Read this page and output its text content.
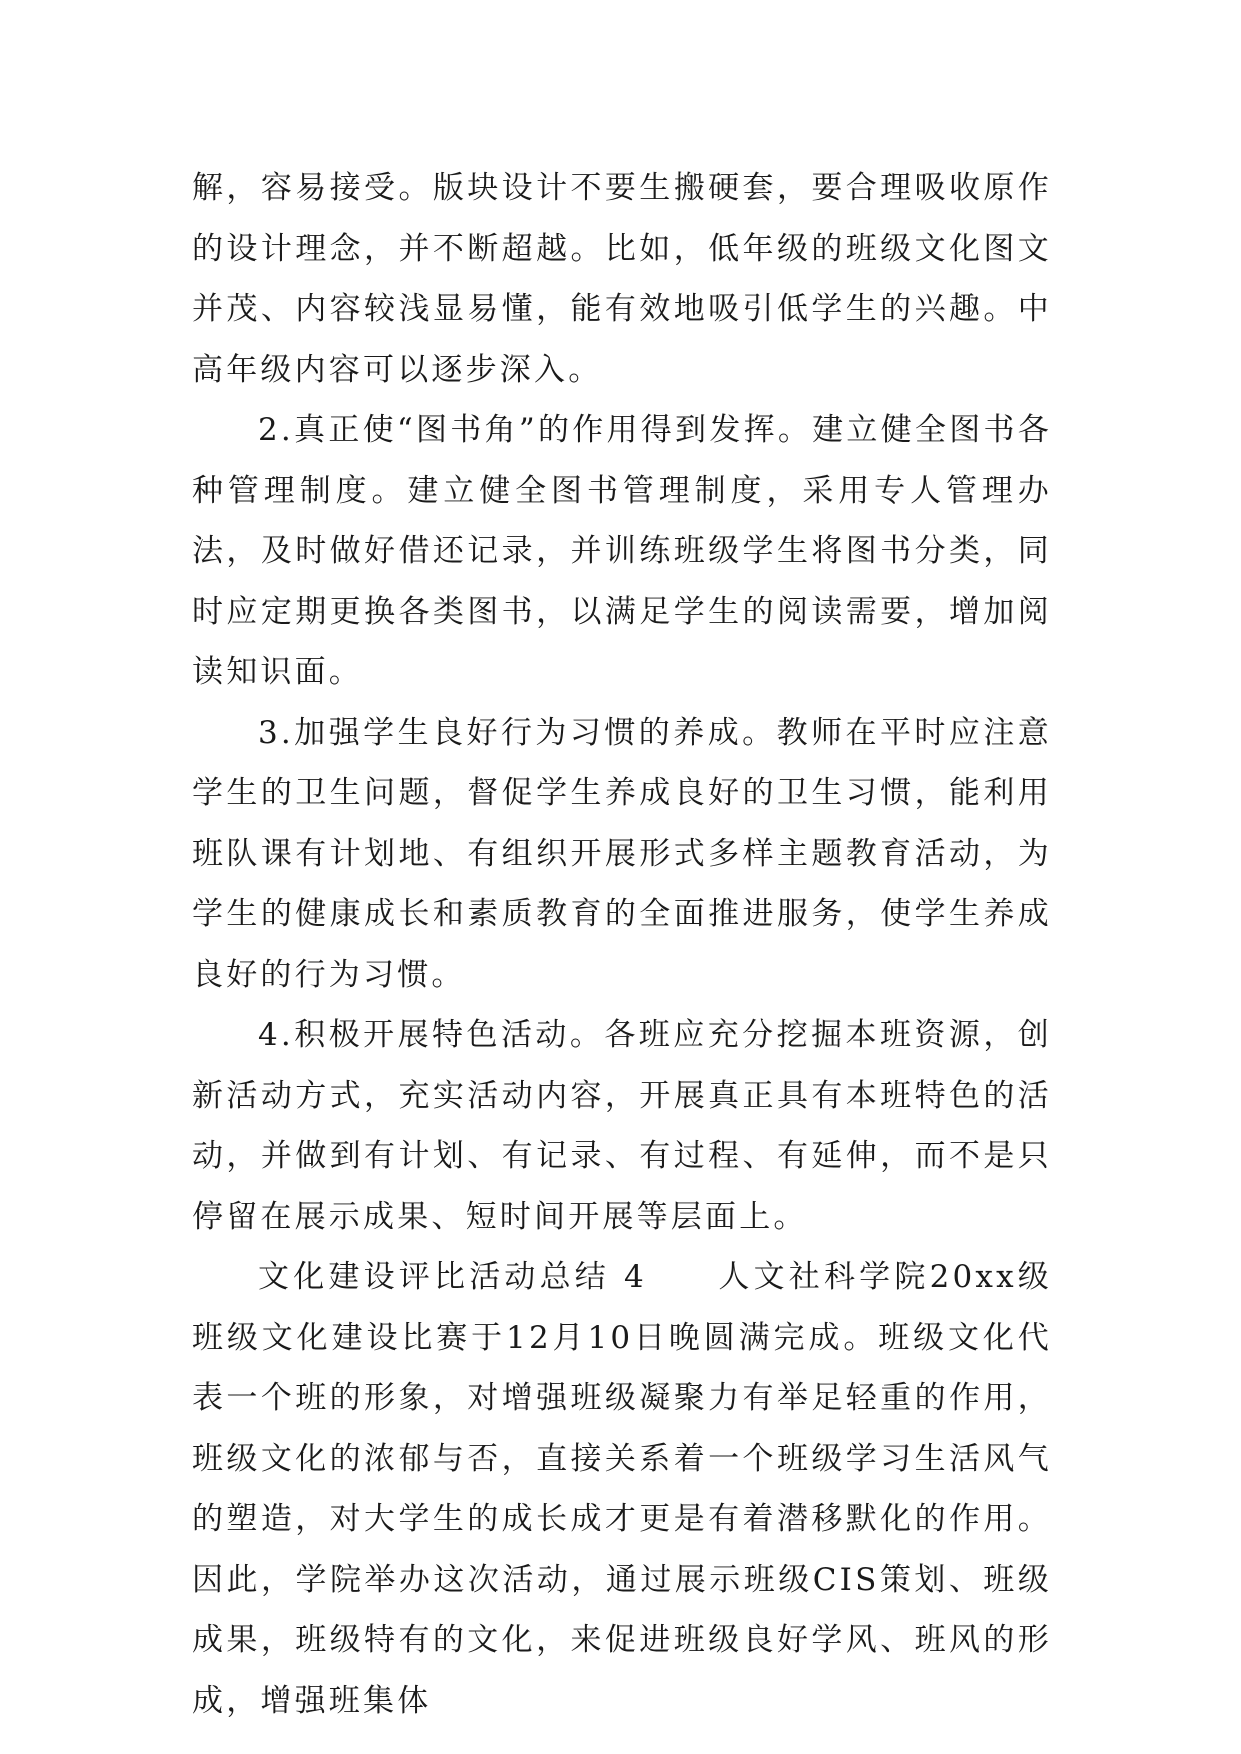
解，容易接受。版块设计不要生搬硬套，要合理吸收原作的设计理念，并不断超越。比如，低年级的班级文化图文并茂、内容较浅显易懂，能有效地吸引低学生的兴趣。中高年级内容可以逐步深入。

2.真正使“图书角”的作用得到发挥。建立健全图书各种管理制度。建立健全图书管理制度，采用专人管理办法，及时做好借还记录，并训练班级学生将图书分类，同时应定期更换各类图书，以满足学生的阅读需要，增加阅读知识面。

3.加强学生良好行为习惯的养成。教师在平时应注意学生的卫生问题，督促学生养成良好的卫生习惯，能利用班队课有计划地、有组织开展形式多样主题教育活动，为学生的健康成长和素质教育的全面推进服务，使学生养成良好的行为习惯。

4.积极开展特色活动。各班应充分挖掘本班资源，创新活动方式，充实活动内容，开展真正具有本班特色的活动，并做到有计划、有记录、有过程、有延伸，而不是只停留在展示成果、短时间开展等层面上。

文化建设评比活动总结 4　　人文社科学院20xx级班级文化建设比赛于12月10日晚圆满完成。班级文化代表一个班的形象，对增强班级凝聚力有举足轻重的作用，班级文化的浓郁与否，直接关系着一个班级学习生活风气的塑造，对大学生的成长成才更是有着潜移默化的作用。因此，学院举办这次活动，通过展示班级CIS策划、班级成果，班级特有的文化，来促进班级良好学风、班风的形成，增强班集体
